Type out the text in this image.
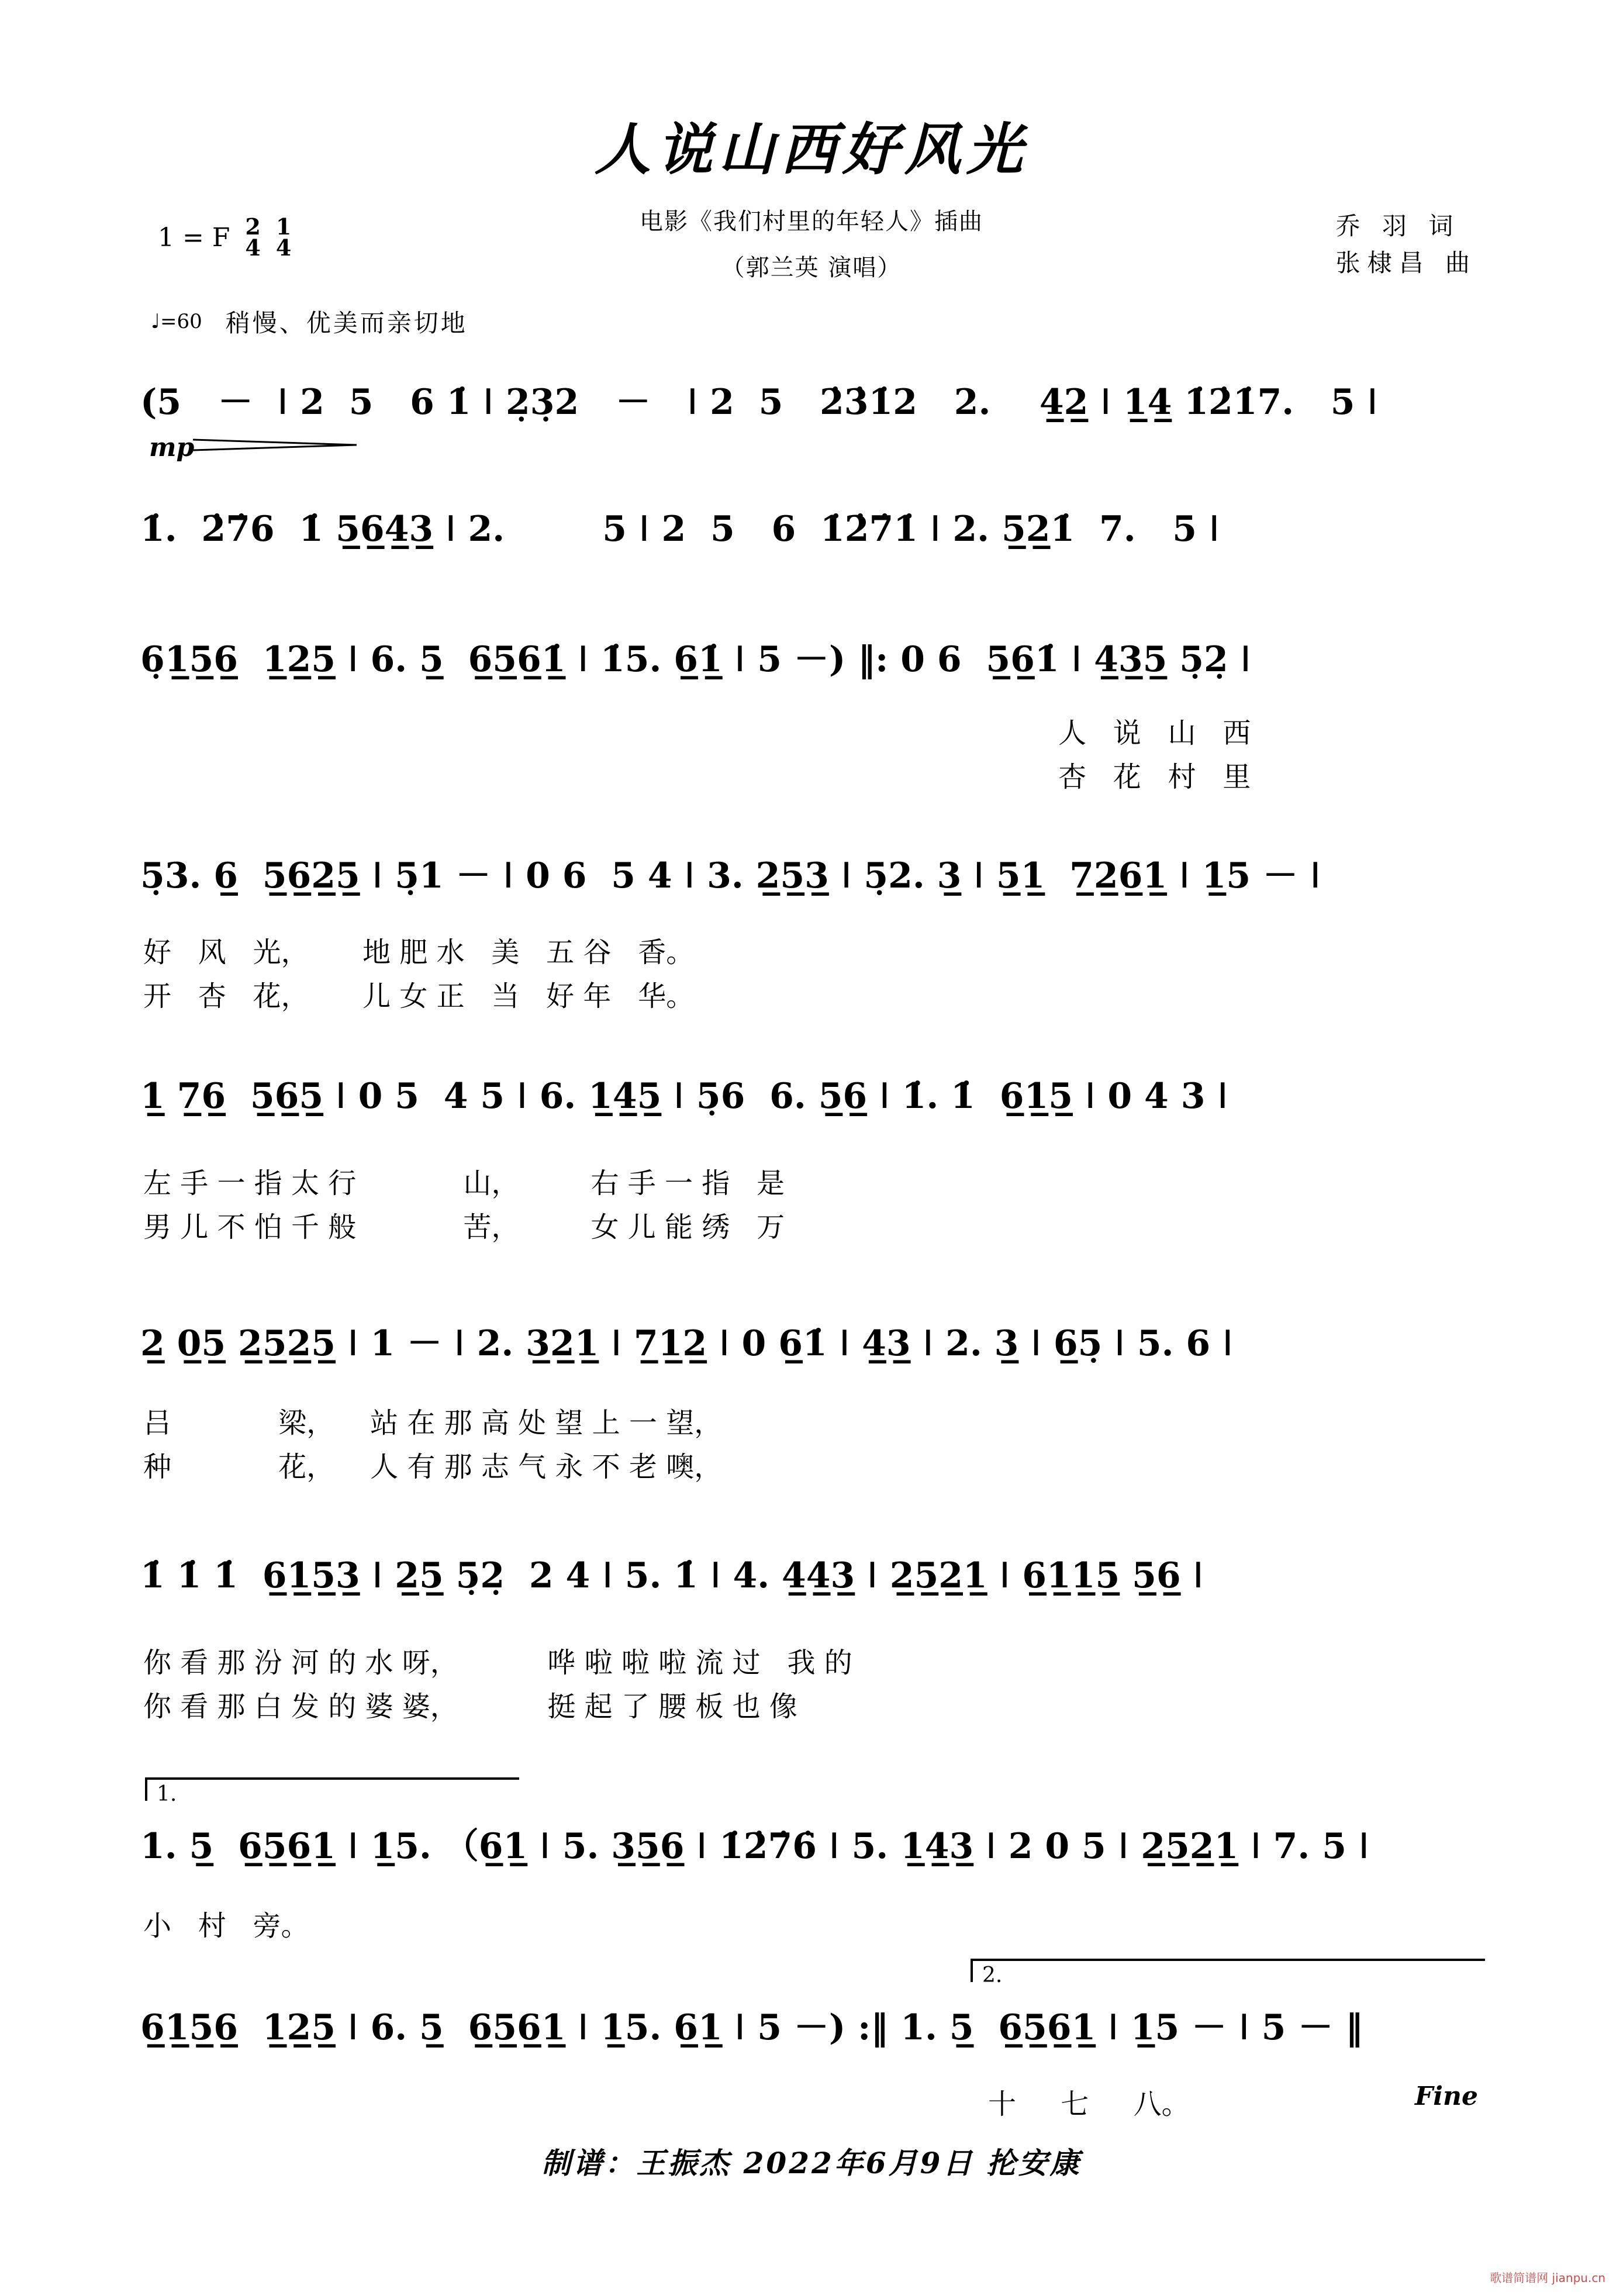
人说山西好风光
电影《我们村里的年轻人》插曲
（郭兰英 演唱）
乔 羽 词
张棣昌 曲
1 = F 2
4
1
4
♩=60 稍慢、优美而亲切地
(5   －  ǀ 2  5   6 1̇ ǀ 2̣3̣2   －   ǀ 2  5   2̇3̇1̇2   2.    4̲2̲ ǀ 1̲4̲ 1̇2̇1̇7.   5 ǀ
mp
1̇.  2̇7̇6  1̇ 5̲6̲4̲3̲ ǀ 2.        5 ǀ 2  5   6  1̇2̇7̇1̇ ǀ 2. 5̲2̲1̇  7.   5 ǀ
6̣1̲5̲6̲  1̲2̲5̲ ǀ 6. 5̲  6̲5̲6̲1̲̇ ǀ 1̇5. 6̲1̲̇ ǀ 5 －) ‖: 0 6  5̲6̲1̇ ǀ 4̲3̲5̲ 5̣2̣ ǀ
人   说   山   西
杏   花   村   里
5̣3. 6̲  5̲6̲2̲5̲ ǀ 5̣1 － ǀ 0 6  5 4 ǀ 3. 2̲5̲3̲ ǀ 5̣2. 3̲ ǀ 5̲1̲  7̲2̲6̲1̲ ǀ 1̲5 － ǀ
好   风   光，      地 肥 水   美   五 谷   香。
开   杏   花，      儿 女 正   当   好 年   华。
1̲ 7̲6̲  5̲6̲5̲ ǀ 0 5  4 5 ǀ 6. 1̲4̲5̲ ǀ 5̣6  6. 5̲6̲ ǀ 1̇. 1̇  6̲1̲5̲ ǀ 0 4 3 ǀ
左 手 一 指 太 行            山，        右 手 一 指   是
男 儿 不 怕 千 般            苦，        女 儿 能 绣   万
2̲ 0̲5̲ 2̲5̲2̲5̲ ǀ 1 － ǀ 2. 3̲2̲1̲ ǀ 7̲1̲2̲ ǀ 0 6̲1̇ ǀ 4̲3̲ ǀ 2. 3̲ ǀ 6̲5̣ ǀ 5. 6 ǀ
吕            梁，    站 在 那 高 处 望 上 一 望，
种            花，    人 有 那 志 气 永 不 老 噢，
1̇ 1̇ 1̇  6̲1̲5̲3̲ ǀ 2̲5̲ 5̣2̣  2 4 ǀ 5. 1̇ ǀ 4. 4̲4̲3̲ ǀ 2̲5̲2̲1̲ ǀ 6̲1̲1̲5̲ 5̲6̲ ǀ
你 看 那 汾 河 的 水 呀，          哗 啦 啦 啦 流 过   我 的
你 看 那 白 发 的 婆 婆，          挺 起 了 腰 板 也 像
1.
1. 5̲  6̲5̲6̲1̲ ǀ 1̲5. （6̲1̲ ǀ 5. 3̲5̲6̲ ǀ 1̇2̇7̇6̇ ǀ 5. 1̲4̲3̲ ǀ 2 0 5 ǀ 2̲5̲2̲1̲ ǀ 7. 5 ǀ
小   村   旁。
2.
6̲1̲5̲6̲  1̲2̲5̲ ǀ 6. 5̲  6̲5̲6̲1̲ ǀ 1̲5. 6̲1̲ ǀ 5 －) :‖ 1. 5̲  6̲5̲6̲1̲ ǀ 1̲5 － ǀ 5 － ‖
十     七     八。	Fine
制谱：王振杰 2022年6月9日 抡安康
歌谱简谱网 jianpu.cn
